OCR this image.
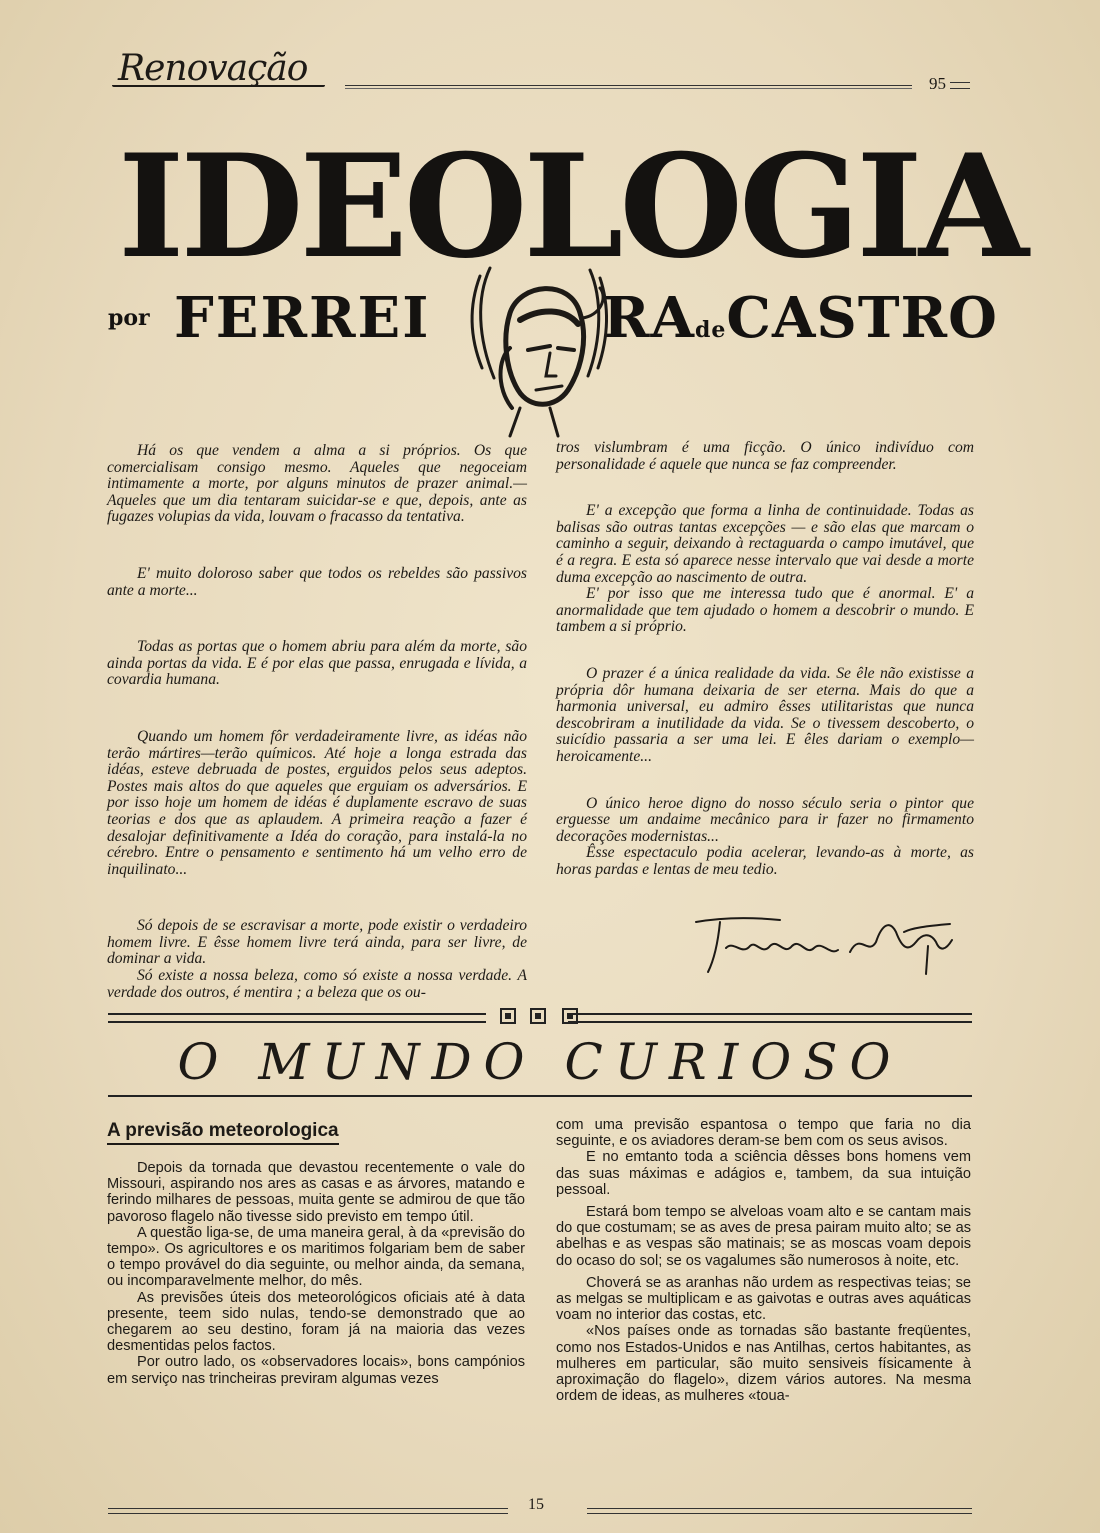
Renovação	95
IDEOLOGIA
por FERREI	RAdeCASTRO

Há os que vendem a alma a si próprios. Os que comercialisam consigo mesmo. Aqueles que negoceiam intimamente a morte, por alguns minutos de prazer animal.— Aqueles que um dia tentaram suicidar-se e que, depois, ante as fugazes volupias da vida, louvam o fracasso da tentativa.

E' muito doloroso saber que todos os rebeldes são passivos ante a morte...

Todas as portas que o homem abriu para além da morte, são ainda portas da vida. E é por elas que passa, enrugada e lívida, a covardia humana.

Quando um homem fôr verdadeiramente livre, as idéas não terão mártires—terão químicos. Até hoje a longa estrada das idéas, esteve debruada de postes, erguidos pelos seus adeptos. Postes mais altos do que aqueles que erguiam os adversários. E por isso hoje um homem de idéas é duplamente escravo de suas teorias e dos que as aplaudem. A primeira reação a fazer é desalojar definitivamente a Idéa do coração, para instalá-la no cérebro. Entre o pensamento e sentimento há um velho erro de inquilinato...

Só depois de se escravisar a morte, pode existir o verdadeiro homem livre. E êsse homem livre terá ainda, para ser livre, de dominar a vida.

Só existe a nossa beleza, como só existe a nossa verdade. A verdade dos outros, é mentira ; a beleza que os ou-

tros vislumbram é uma ficção. O único indivíduo com personalidade é aquele que nunca se faz compreender.

E' a excepção que forma a linha de continuidade. Todas as balisas são outras tantas excepções — e são elas que marcam o caminho a seguir, deixando à rectaguarda o campo imutável, que é a regra. E esta só aparece nesse intervalo que vai desde a morte duma excepção ao nascimento de outra.

E' por isso que me interessa tudo que é anormal. E' a anormalidade que tem ajudado o homem a descobrir o mundo. E tambem a si próprio.

O prazer é a única realidade da vida. Se êle não existisse a própria dôr humana deixaria de ser eterna. Mais do que a harmonia universal, eu admiro êsses utilitaristas que nunca descobriram a inutilidade da vida. Se o tivessem descoberto, o suicídio passaria a ser uma lei. E êles dariam o exemplo—heroicamente...

O único heroe digno do nosso século seria o pintor que erguesse um andaime mecânico para ir fazer no firmamento decorações modernistas...

Êsse espectaculo podia acelerar, levando-as à morte, as horas pardas e lentas de meu tedio.

O MUNDO CURIOSO
A previsão meteorologica

Depois da tornada que devastou recentemente o vale do Missouri, aspirando nos ares as casas e as árvores, matando e ferindo milhares de pessoas, muita gente se admirou de que tão pavoroso flagelo não tivesse sido previsto em tempo útil.

A questão liga-se, de uma maneira geral, à da «previsão do tempo». Os agricultores e os maritimos folgariam bem de saber o tempo provável do dia seguinte, ou melhor ainda, da semana, ou incomparavelmente melhor, do mês.

As previsões úteis dos meteorológicos oficiais até à data presente, teem sido nulas, tendo-se demonstrado que ao chegarem ao seu destino, foram já na maioria das vezes desmentidas pelos factos.

Por outro lado, os «observadores locais», bons campónios em serviço nas trincheiras previram algumas vezes

com uma previsão espantosa o tempo que faria no dia seguinte, e os aviadores deram-se bem com os seus avisos.

E no emtanto toda a sciência dêsses bons homens vem das suas máximas e adágios e, tambem, da sua intuição pessoal.

Estará bom tempo se alveloas voam alto e se cantam mais do que costumam; se as aves de presa pairam muito alto; se as abelhas e as vespas são matinais; se as moscas voam depois do ocaso do sol; se os vagalumes são numerosos à noite, etc.

Choverá se as aranhas não urdem as respectivas teias; se as melgas se multiplicam e as gaivotas e outras aves aquáticas voam no interior das costas, etc.

«Nos países onde as tornadas são bastante freqüentes, como nos Estados-Unidos e nas Antilhas, certos habitantes, as mulheres em particular, são muito sensiveis físicamente à aproximação do flagelo», dizem vários autores. Na mesma ordem de ideas, as mulheres «toua-

15
